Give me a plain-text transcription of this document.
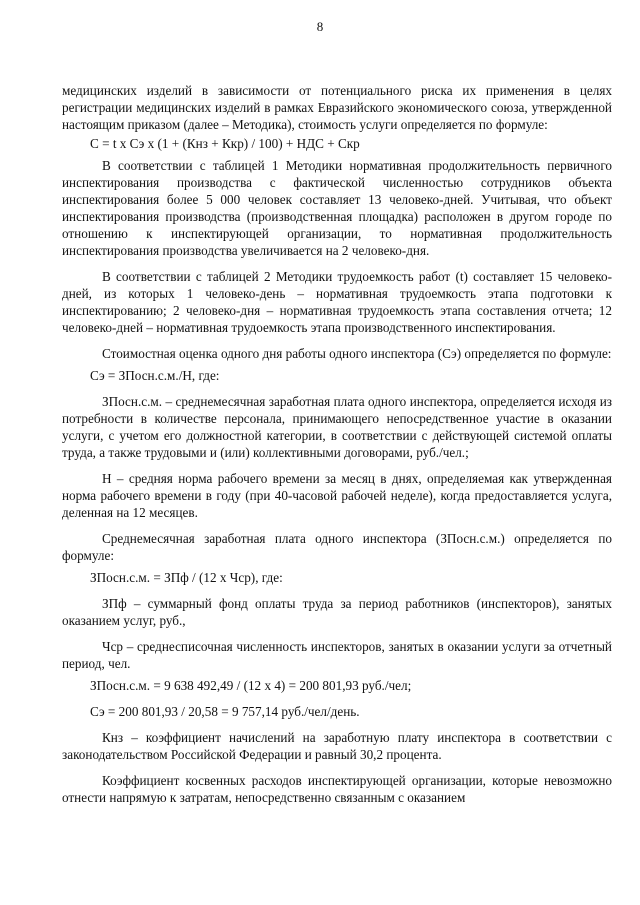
8

медицинских изделий в зависимости от потенциального риска их применения в целях регистрации медицинских изделий в рамках Евразийского экономического союза, утвержденной настоящим приказом (далее – Методика), стоимость услуги определяется по формуле:

С = t x Сэ x (1 + (Кнз + Ккр) / 100) + НДС + Скр

В соответствии с таблицей 1 Методики нормативная продолжительность первичного инспектирования производства с фактической численностью сотрудников объекта инспектирования более 5 000 человек составляет 13 человеко-дней. Учитывая, что объект инспектирования производства (производственная площадка) расположен в другом городе по отношению к инспектирующей организации, то нормативная продолжительность инспектирования производства увеличивается на 2 человеко-дня.

В соответствии с таблицей 2 Методики трудоемкость работ (t) составляет 15 человеко-дней, из которых 1 человеко-день – нормативная трудоемкость этапа подготовки к инспектированию; 2 человеко-дня – нормативная трудоемкость этапа составления отчета; 12 человеко-дней – нормативная трудоемкость этапа производственного инспектирования.

Стоимостная оценка одного дня работы одного инспектора (Сэ) определяется по формуле:

Сэ = ЗПосн.с.м./Н, где:

ЗПосн.с.м. – среднемесячная заработная плата одного инспектора, определяется исходя из потребности в количестве персонала, принимающего непосредственное участие в оказании услуги, с учетом его должностной категории, в соответствии с действующей системой оплаты труда, а также трудовыми и (или) коллективными договорами, руб./чел.;

Н – средняя норма рабочего времени за месяц в днях, определяемая как утвержденная норма рабочего времени в году (при 40-часовой рабочей неделе), когда предоставляется услуга, деленная на 12 месяцев.

Среднемесячная заработная плата одного инспектора (ЗПосн.с.м.) определяется по формуле:

ЗПосн.с.м. = ЗПф / (12 x Чср), где:

ЗПф – суммарный фонд оплаты труда за период работников (инспекторов), занятых оказанием услуг, руб.,

Чср – среднесписочная численность инспекторов, занятых в оказании услуги за отчетный период, чел.

ЗПосн.с.м. = 9 638 492,49 / (12 x 4) = 200 801,93 руб./чел;

Сэ = 200 801,93 / 20,58 = 9 757,14 руб./чел/день.

Кнз – коэффициент начислений на заработную плату инспектора в соответствии с законодательством Российской Федерации и равный 30,2 процента.

Коэффициент косвенных расходов инспектирующей организации, которые невозможно отнести напрямую к затратам, непосредственно связанным с оказанием
